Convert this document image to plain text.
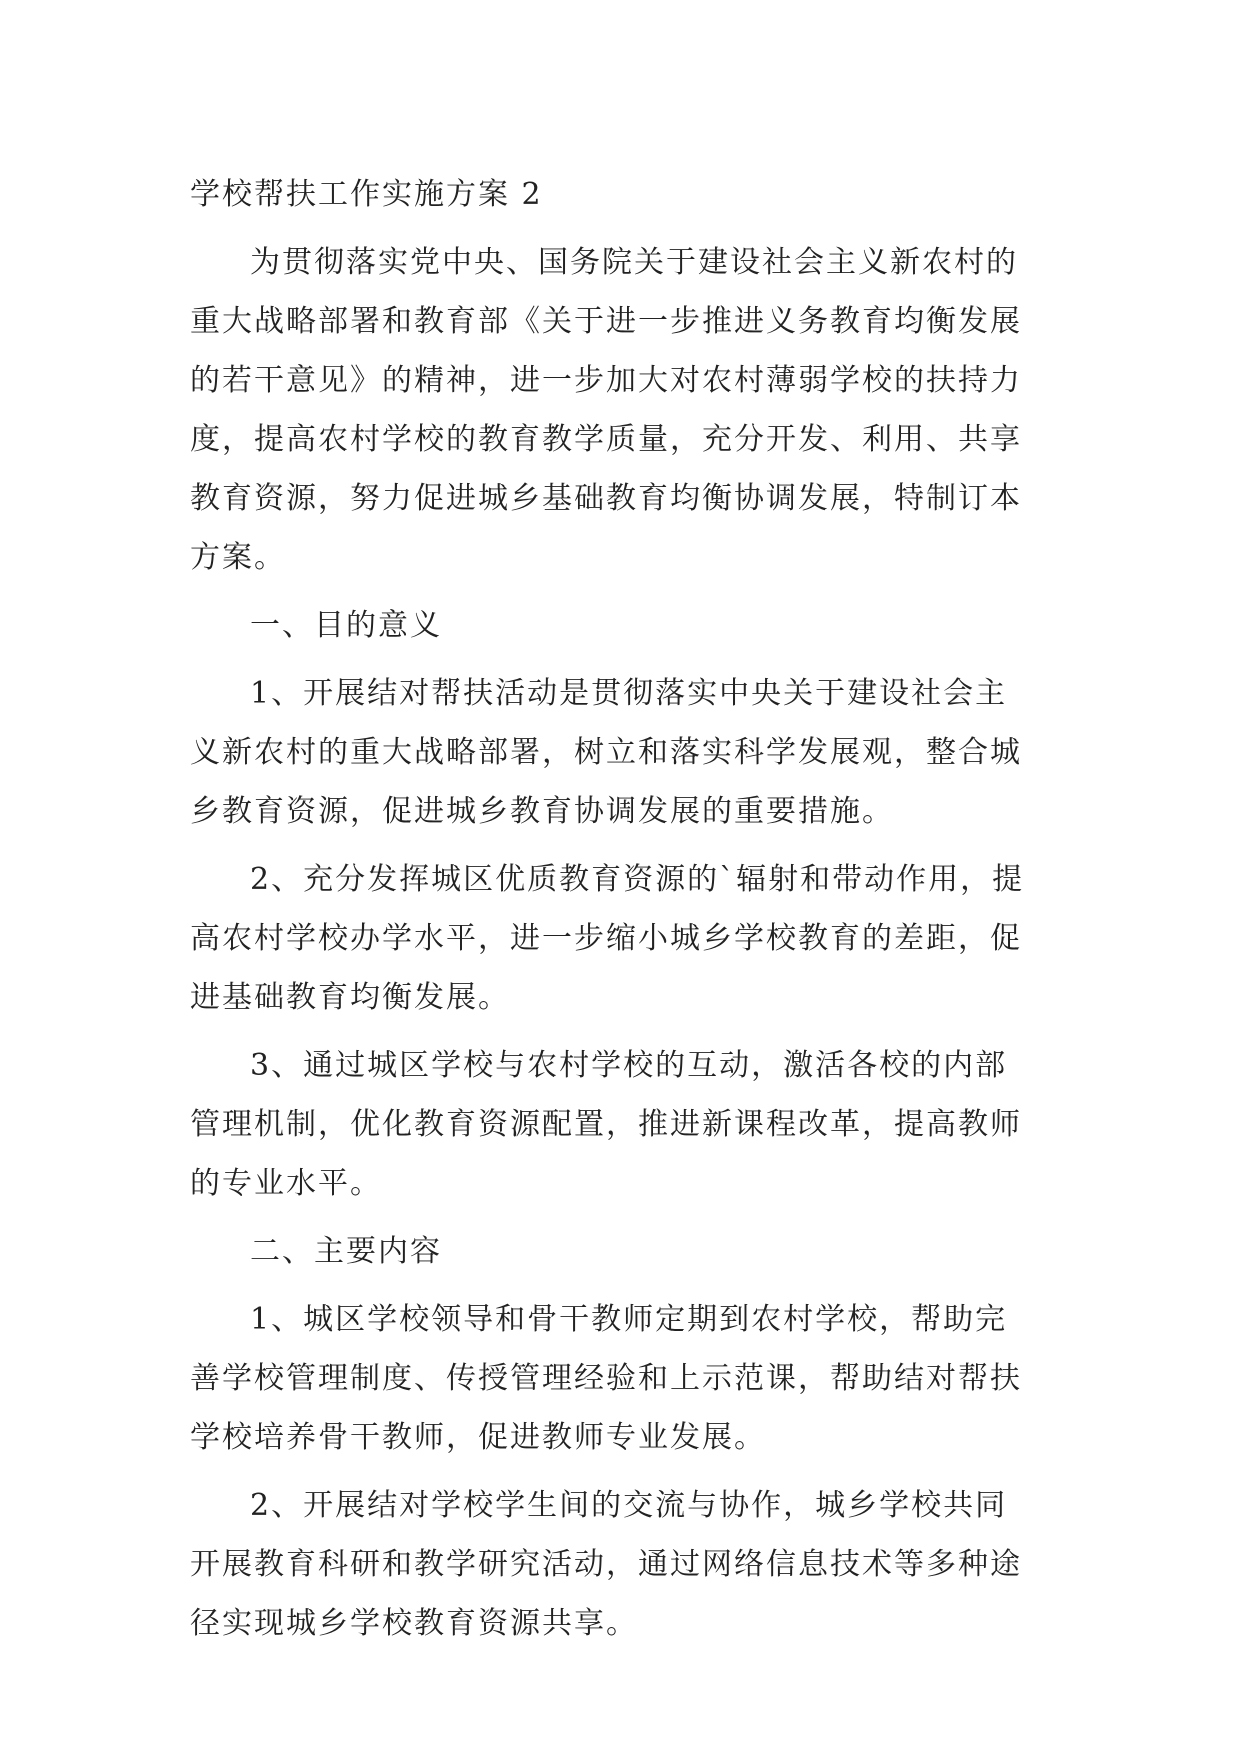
学校帮扶工作实施方案 2
为贯彻落实党中央、国务院关于建设社会主义新农村的
重大战略部署和教育部《关于进一步推进义务教育均衡发展
的若干意见》的精神，进一步加大对农村薄弱学校的扶持力
度，提高农村学校的教育教学质量，充分开发、利用、共享
教育资源，努力促进城乡基础教育均衡协调发展，特制订本
方案。
一、目的意义
1、开展结对帮扶活动是贯彻落实中央关于建设社会主
义新农村的重大战略部署，树立和落实科学发展观，整合城
乡教育资源，促进城乡教育协调发展的重要措施。
2、充分发挥城区优质教育资源的`辐射和带动作用，提
高农村学校办学水平，进一步缩小城乡学校教育的差距，促
进基础教育均衡发展。
3、通过城区学校与农村学校的互动，激活各校的内部
管理机制，优化教育资源配置，推进新课程改革，提高教师
的专业水平。
二、主要内容
1、城区学校领导和骨干教师定期到农村学校，帮助完
善学校管理制度、传授管理经验和上示范课，帮助结对帮扶
学校培养骨干教师，促进教师专业发展。
2、开展结对学校学生间的交流与协作，城乡学校共同
开展教育科研和教学研究活动，通过网络信息技术等多种途
径实现城乡学校教育资源共享。
